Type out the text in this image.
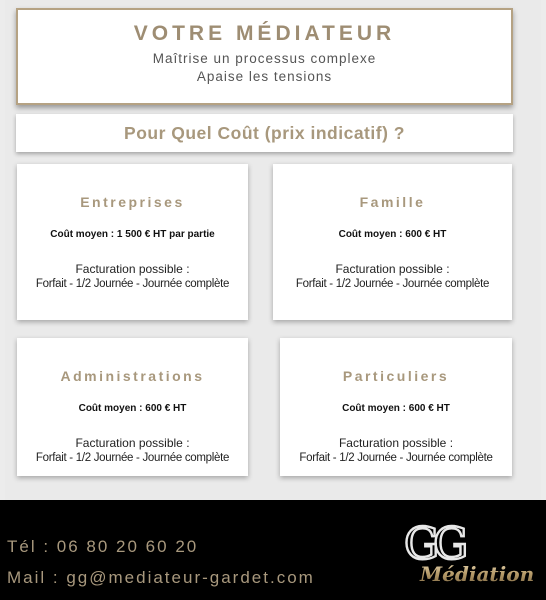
VOTRE MÉDIATEUR
Maîtrise un processus complexe
Apaise les tensions
Pour Quel Coût (prix indicatif) ?
Entreprises
Coût moyen : 1 500 € HT par partie
Facturation possible :
Forfait - 1/2 Journée - Journée complète
Famille
Coût moyen : 600 € HT
Facturation possible :
Forfait - 1/2 Journée - Journée complète
Administrations
Coût moyen : 600 € HT
Facturation possible :
Forfait - 1/2 Journée - Journée complète
Particuliers
Coût moyen : 600 € HT
Facturation possible :
Forfait - 1/2 Journée - Journée complète
Tél : 06 80 20 60 20
Mail : gg@mediateur-gardet.com
GG
Médiation
